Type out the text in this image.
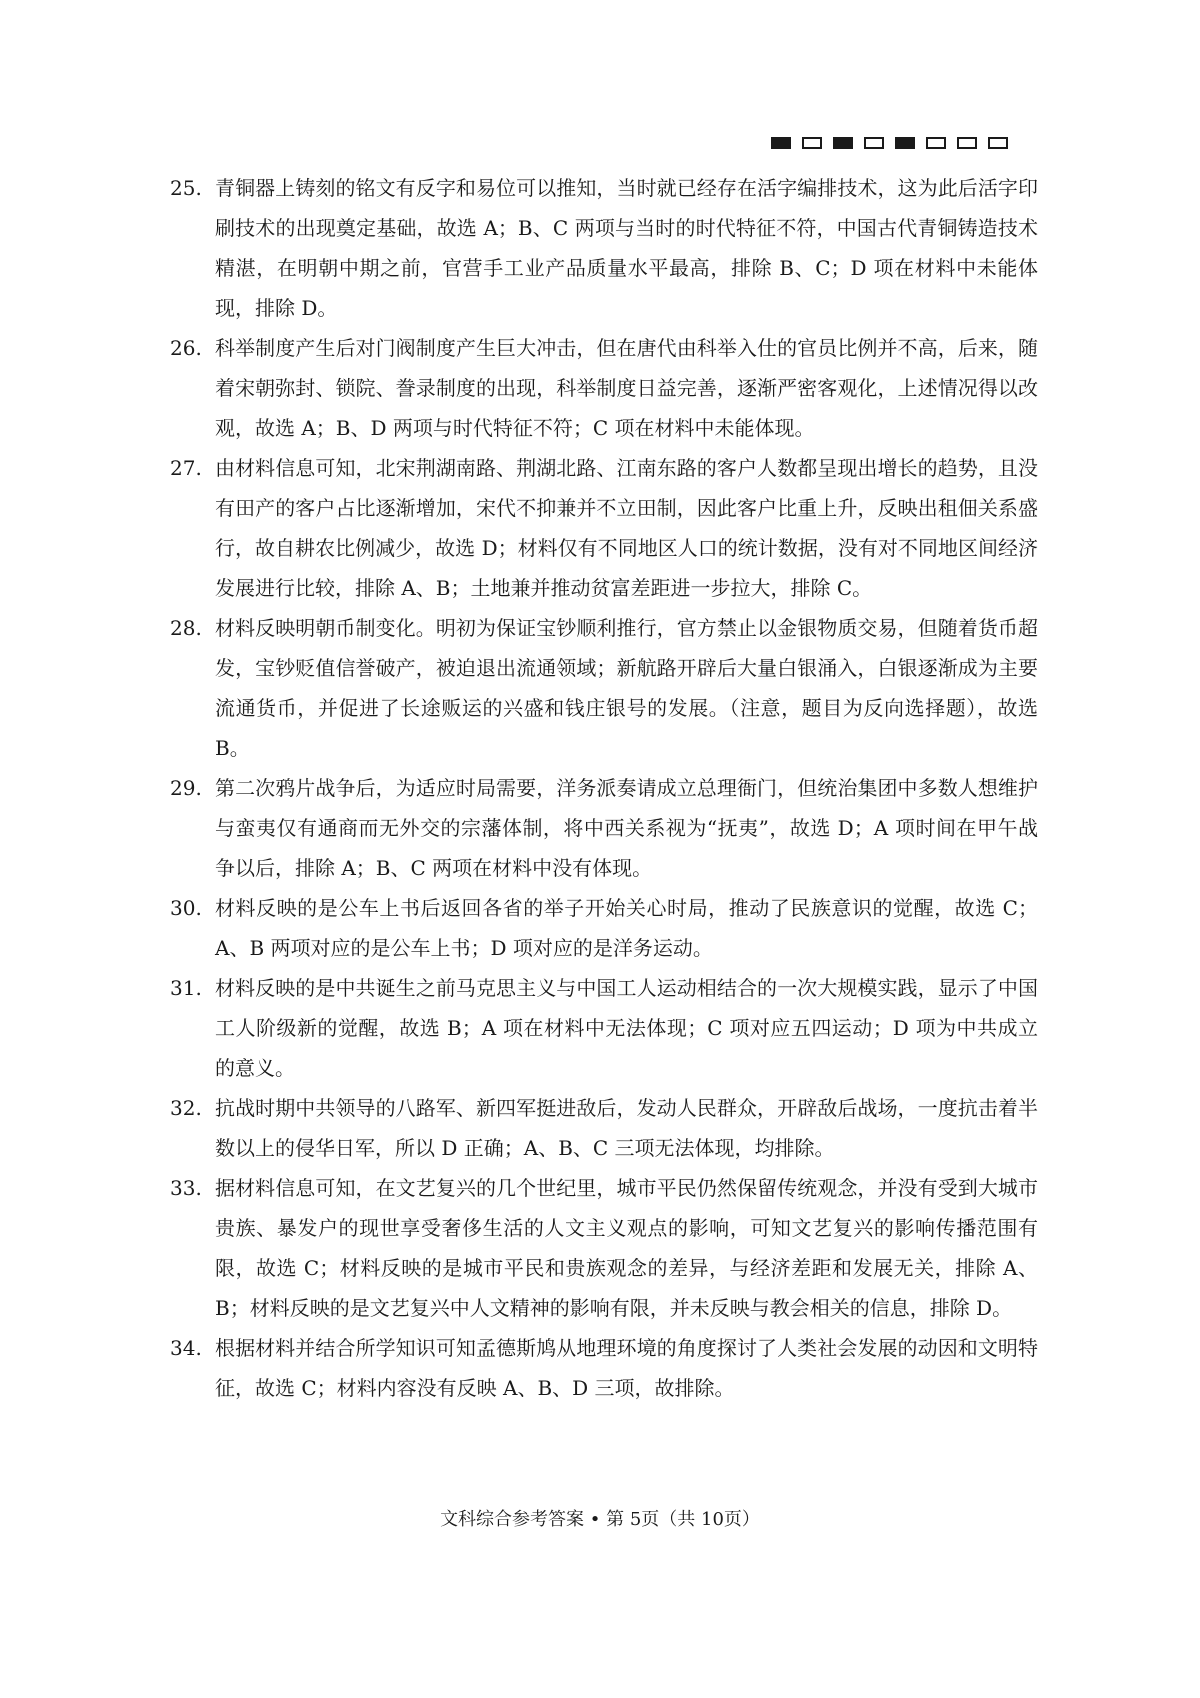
25. 青铜器上铸刻的铭文有反字和易位可以推知，当时就已经存在活字编排技术，这为此后活字印刷技术的出现奠定基础，故选 A；B、C 两项与当时的时代特征不符，中国古代青铜铸造技术精湛，在明朝中期之前，官营手工业产品质量水平最高，排除 B、C；D 项在材料中未能体现，排除 D。
26. 科举制度产生后对门阀制度产生巨大冲击，但在唐代由科举入仕的官员比例并不高，后来，随着宋朝弥封、锁院、誊录制度的出现，科举制度日益完善，逐渐严密客观化，上述情况得以改观，故选 A；B、D 两项与时代特征不符；C 项在材料中未能体现。
27. 由材料信息可知，北宋荆湖南路、荆湖北路、江南东路的客户人数都呈现出增长的趋势，且没有田产的客户占比逐渐增加，宋代不抑兼并不立田制，因此客户比重上升，反映出租佃关系盛行，故自耕农比例减少，故选 D；材料仅有不同地区人口的统计数据，没有对不同地区间经济发展进行比较，排除 A、B；土地兼并推动贫富差距进一步拉大，排除 C。
28. 材料反映明朝币制变化。明初为保证宝钞顺利推行，官方禁止以金银物质交易，但随着货币超发，宝钞贬值信誉破产，被迫退出流通领域；新航路开辟后大量白银涌入，白银逐渐成为主要流通货币，并促进了长途贩运的兴盛和钱庄银号的发展。（注意，题目为反向选择题），故选 B。
29. 第二次鸦片战争后，为适应时局需要，洋务派奏请成立总理衙门，但统治集团中多数人想维护与蛮夷仅有通商而无外交的宗藩体制，将中西关系视为“抚夷”，故选 D；A 项时间在甲午战争以后，排除 A；B、C 两项在材料中没有体现。
30. 材料反映的是公车上书后返回各省的举子开始关心时局，推动了民族意识的觉醒，故选 C；A、B 两项对应的是公车上书；D 项对应的是洋务运动。
31. 材料反映的是中共诞生之前马克思主义与中国工人运动相结合的一次大规模实践，显示了中国工人阶级新的觉醒，故选 B；A 项在材料中无法体现；C 项对应五四运动；D 项为中共成立的意义。
32. 抗战时期中共领导的八路军、新四军挺进敌后，发动人民群众，开辟敌后战场，一度抗击着半数以上的侵华日军，所以 D 正确；A、B、C 三项无法体现，均排除。
33. 据材料信息可知，在文艺复兴的几个世纪里，城市平民仍然保留传统观念，并没有受到大城市贵族、暴发户的现世享受奢侈生活的人文主义观点的影响，可知文艺复兴的影响传播范围有限，故选 C；材料反映的是城市平民和贵族观念的差异，与经济差距和发展无关，排除 A、B；材料反映的是文艺复兴中人文精神的影响有限，并未反映与教会相关的信息，排除 D。
34. 根据材料并结合所学知识可知孟德斯鸠从地理环境的角度探讨了人类社会发展的动因和文明特征，故选 C；材料内容没有反映 A、B、D 三项，故排除。
文科综合参考答案 • 第 5页（共 10页）
